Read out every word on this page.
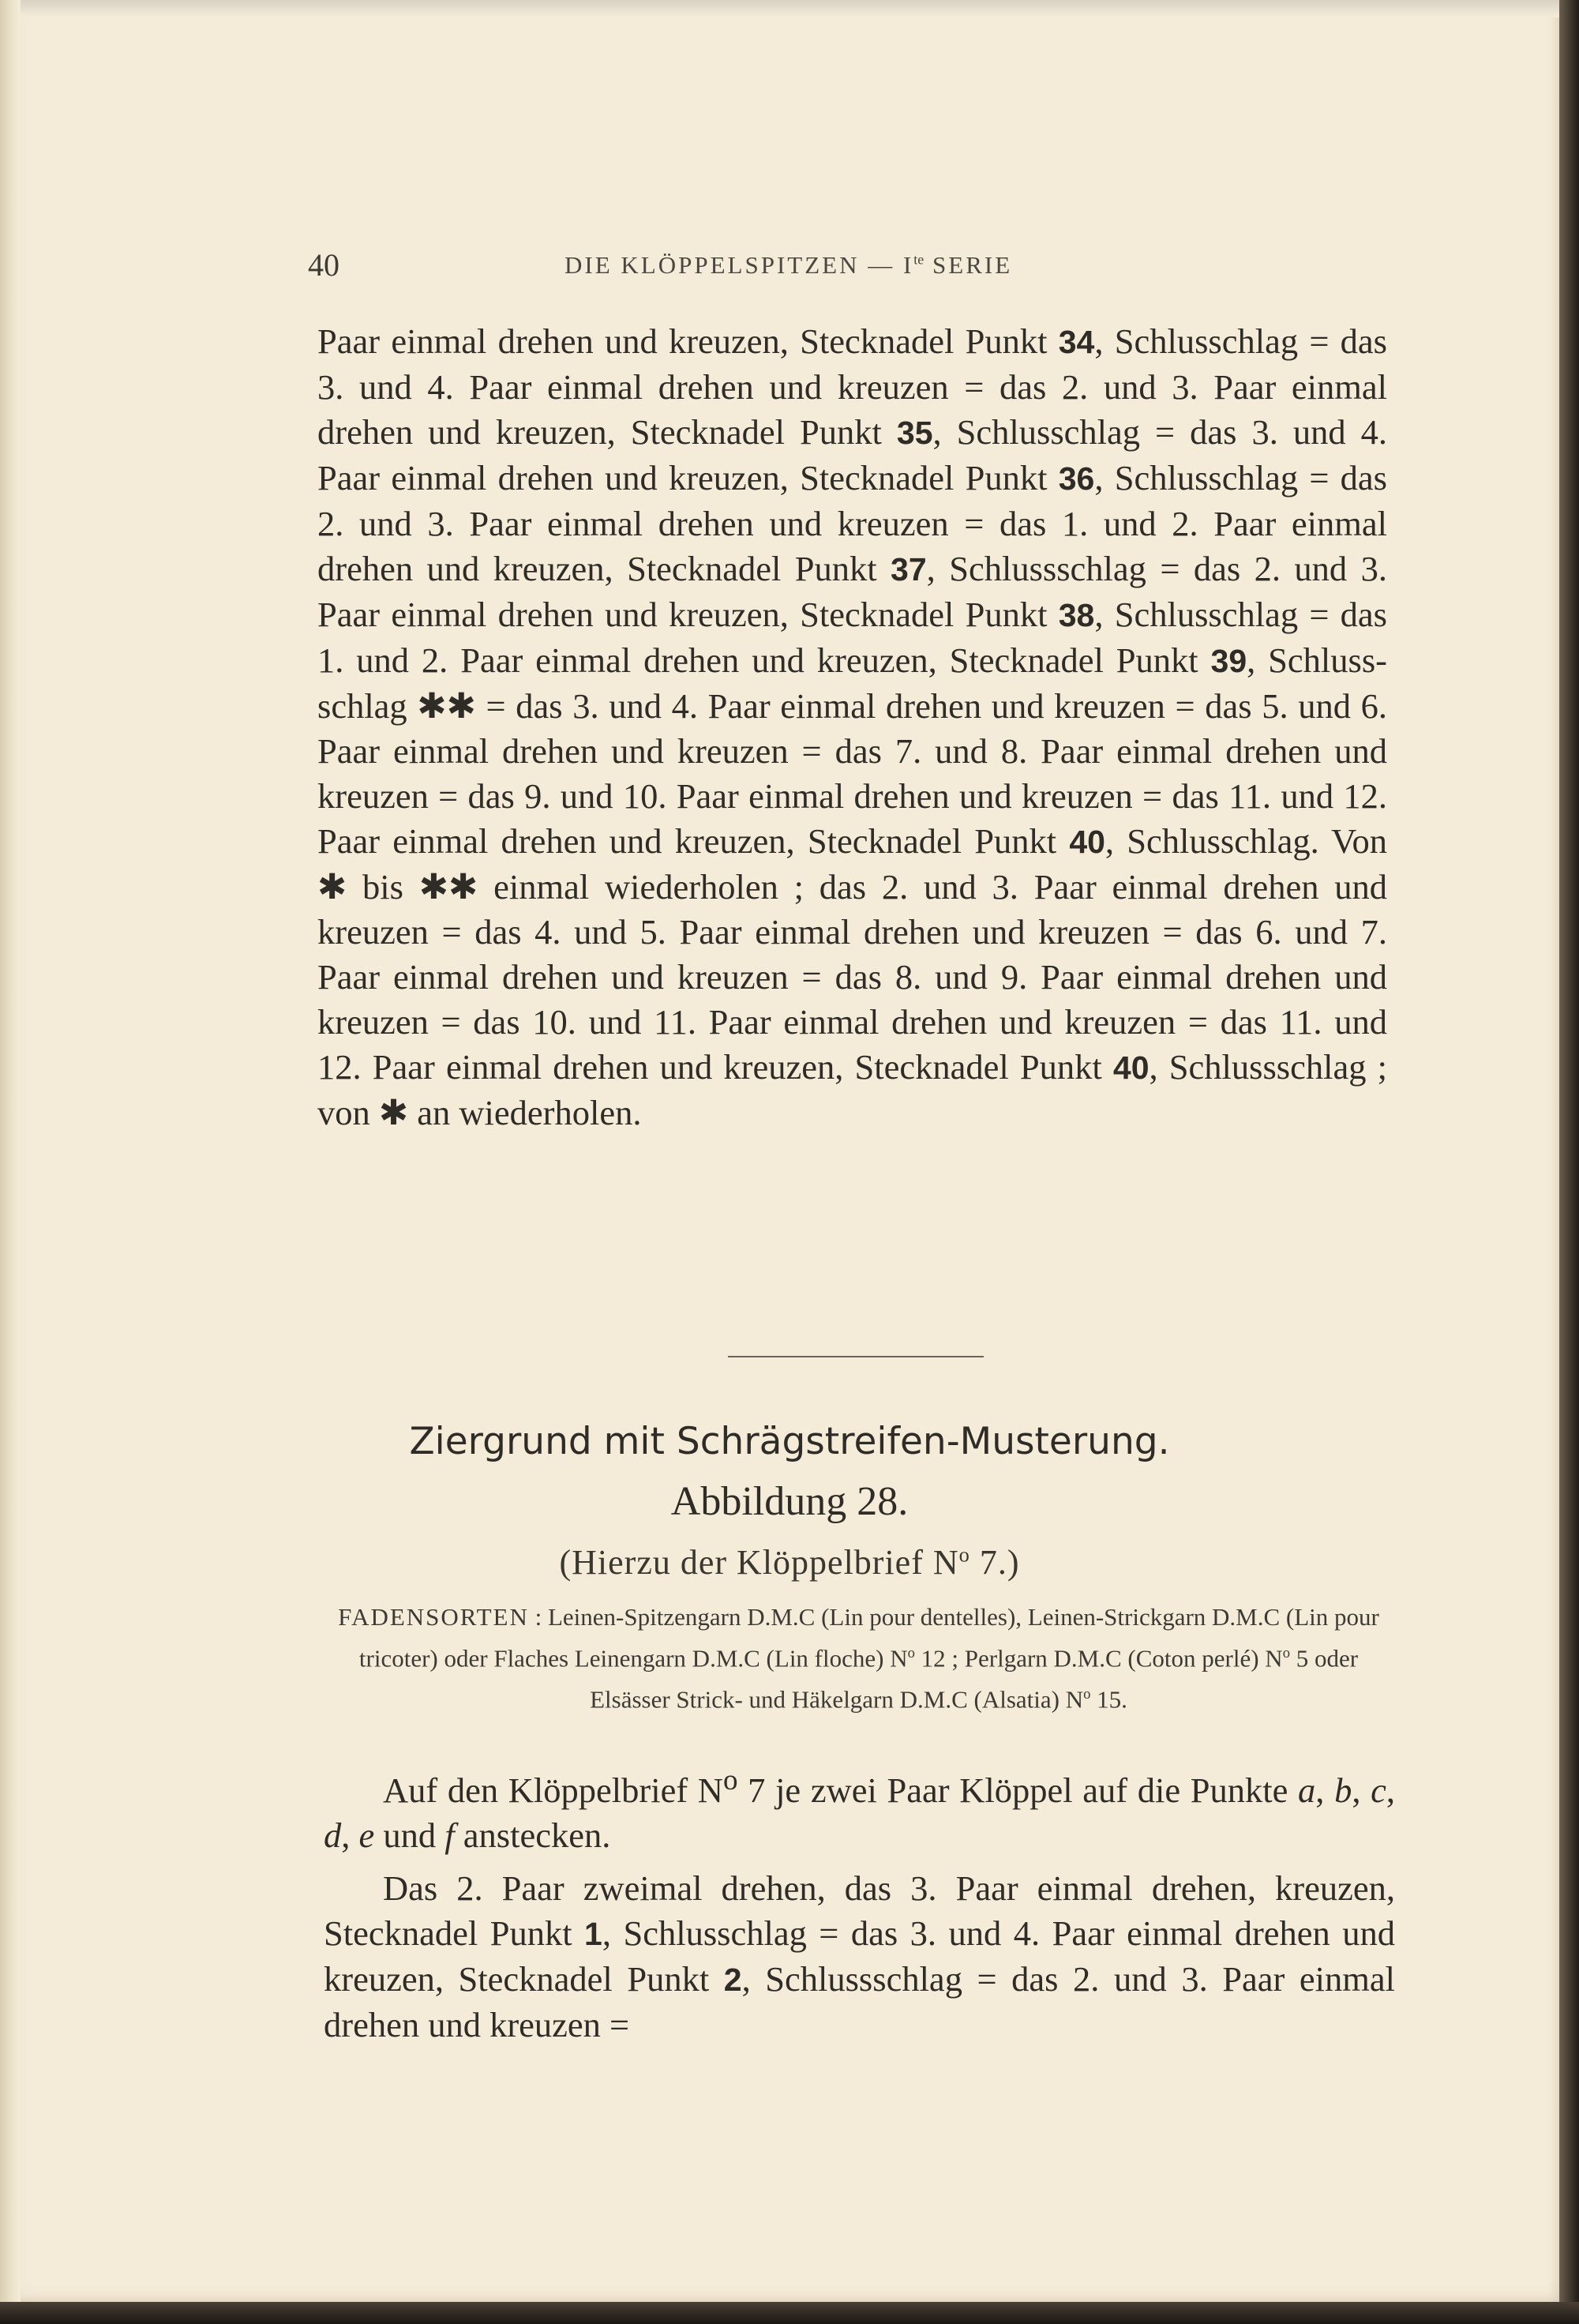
40	DIE KLÖPPELSPITZEN — $I^{te}$ SERIE
Paar einmal drehen und kreuzen, Stecknadel Punkt 34, Schlusschlag = das 3. und 4. Paar einmal drehen und kreuzen = das 2. und 3. Paar einmal drehen und kreuzen, Stecknadel Punkt 35, Schlusschlag = das 3. und 4. Paar einmal drehen und kreuzen, Stecknadel Punkt 36, Schlusschlag = das 2. und 3. Paar einmal drehen und kreuzen = das 1. und 2. Paar einmal drehen und kreuzen, Stecknadel Punkt 37, Schlussschlag = das 2. und 3. Paar einmal drehen und kreuzen, Stecknadel Punkt 38, Schlusschlag = das 1. und 2. Paar einmal drehen und kreuzen, Stecknadel Punkt 39, Schlussschlag ✱✱ = das 3. und 4. Paar einmal drehen und kreuzen = das 5. und 6. Paar einmal drehen und kreuzen = das 7. und 8. Paar einmal drehen und kreuzen = das 9. und 10. Paar einmal drehen und kreuzen = das 11. und 12. Paar einmal drehen und kreuzen, Stecknadel Punkt 40, Schlusschlag. Von ✱ bis ✱✱ einmal wiederholen ; das 2. und 3. Paar einmal drehen und kreuzen = das 4. und 5. Paar einmal drehen und kreuzen = das 6. und 7. Paar einmal drehen und kreuzen = das 8. und 9. Paar einmal drehen und kreuzen = das 10. und 11. Paar einmal drehen und kreuzen = das 11. und 12. Paar einmal drehen und kreuzen, Stecknadel Punkt 40, Schlussschlag ; von ✱ an wiederholen.
Ziergrund mit Schrägstreifen-Musterung.
Abbildung 28.
(Hierzu der Klöppelbrief $N^o$ 7.)
FADENSORTEN : Leinen-Spitzengarn D.M.C (Lin pour dentelles), Leinen-Strickgarn D.M.C (Lin pour tricoter) oder Flaches Leinengarn D.M.C (Lin floche) $N^o$ 12 ; Perlgarn D.M.C (Coton perlé) $N^o$ 5 oder Elsässer Strick- und Häkelgarn D.M.C (Alsatia) $N^o$ 15.

Auf den Klöppelbrief $N^o$ 7 je zwei Paar Klöppel auf die Punkte a, b, c, d, e und f anstecken.

Das 2. Paar zweimal drehen, das 3. Paar einmal drehen, kreuzen, Stecknadel Punkt 1, Schlusschlag = das 3. und 4. Paar einmal drehen und kreuzen, Stecknadel Punkt 2, Schlussschlag = das 2. und 3. Paar einmal drehen und kreuzen =
